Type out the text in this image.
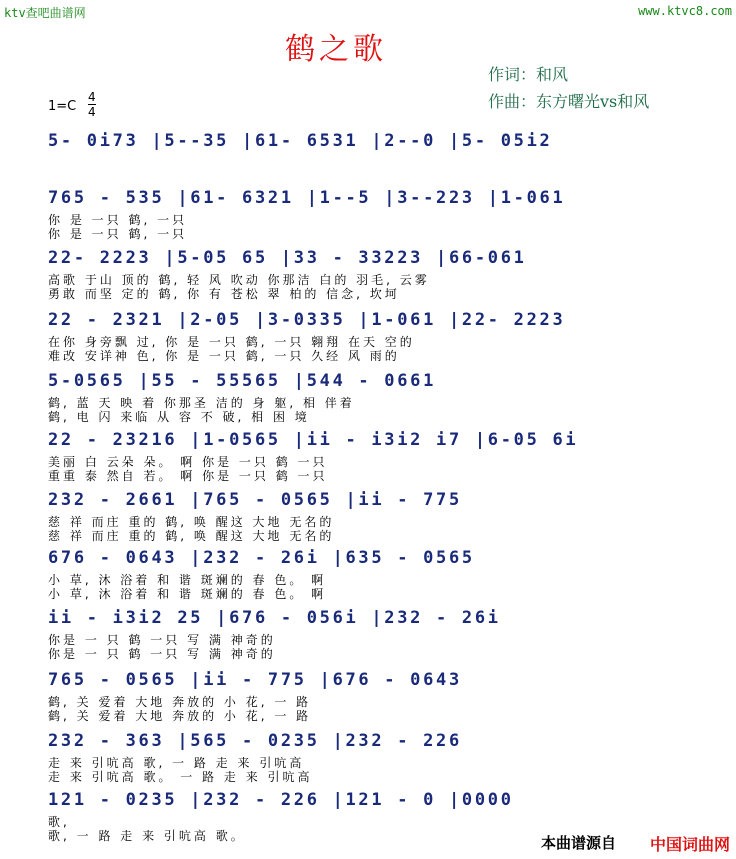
ktv查吧曲谱网	www.ktvc8.com
鹤之歌
作词：和风
作曲：东方曙光vs和风
1=C
4
4
5- 0i73 |5--35 |61- 6531 |2--0 |5- 05i2
765 - 535 |61- 6321 |1--5 |3--223 |1-061
你 是 一只 鹤, 一只
你 是 一只 鹤, 一只
22- 2223 |5-05 65 |33 - 33223 |66-061
高歌 于山 顶的 鹤, 轻 风 吹动 你那洁 白的 羽毛, 云雾
勇敢 而坚 定的 鹤, 你 有 苍松 翠 柏的 信念, 坎坷
22 - 2321 |2-05 |3-0335 |1-061 |22- 2223
在你 身旁飘 过, 你 是 一只 鹤, 一只 翱翔 在天 空的
难改 安详神 色, 你 是 一只 鹤, 一只 久经 风 雨的
5-0565 |55 - 55565 |544 - 0661
鹤, 蓝 天 映 着 你那圣 洁的 身 躯, 相 伴着
鹤, 电 闪 来临 从 容 不 破, 相 困 境
22 - 23216 |1-0565 |ii - i3i2 i7 |6-05 6i
美丽 白 云朵 朵。 啊 你是 一只 鹤 一只
重重 泰 然自 若。 啊 你是 一只 鹤 一只
232 - 2661 |765 - 0565 |ii - 775
慈 祥 而庄 重的 鹤, 唤 醒这 大地 无名的
慈 祥 而庄 重的 鹤, 唤 醒这 大地 无名的
676 - 0643 |232 - 26i |635 - 0565
小 草, 沐 浴着 和 谐 斑斓的 春 色。 啊
小 草, 沐 浴着 和 谐 斑斓的 春 色。 啊
ii - i3i2 25 |676 - 056i |232 - 26i
你是 一 只 鹤 一只 写 满 神奇的
你是 一 只 鹤 一只 写 满 神奇的
765 - 0565 |ii - 775 |676 - 0643
鹤, 关 爱着 大地 奔放的 小 花, 一 路
鹤, 关 爱着 大地 奔放的 小 花, 一 路
232 - 363 |565 - 0235 |232 - 226
走 来 引吭高 歌, 一 路 走 来 引吭高
走 来 引吭高 歌。 一 路 走 来 引吭高
121 - 0235 |232 - 226 |121 - 0 |0000
歌,
歌, 一 路 走 来 引吭高 歌。	本曲谱源自 中国词曲网
